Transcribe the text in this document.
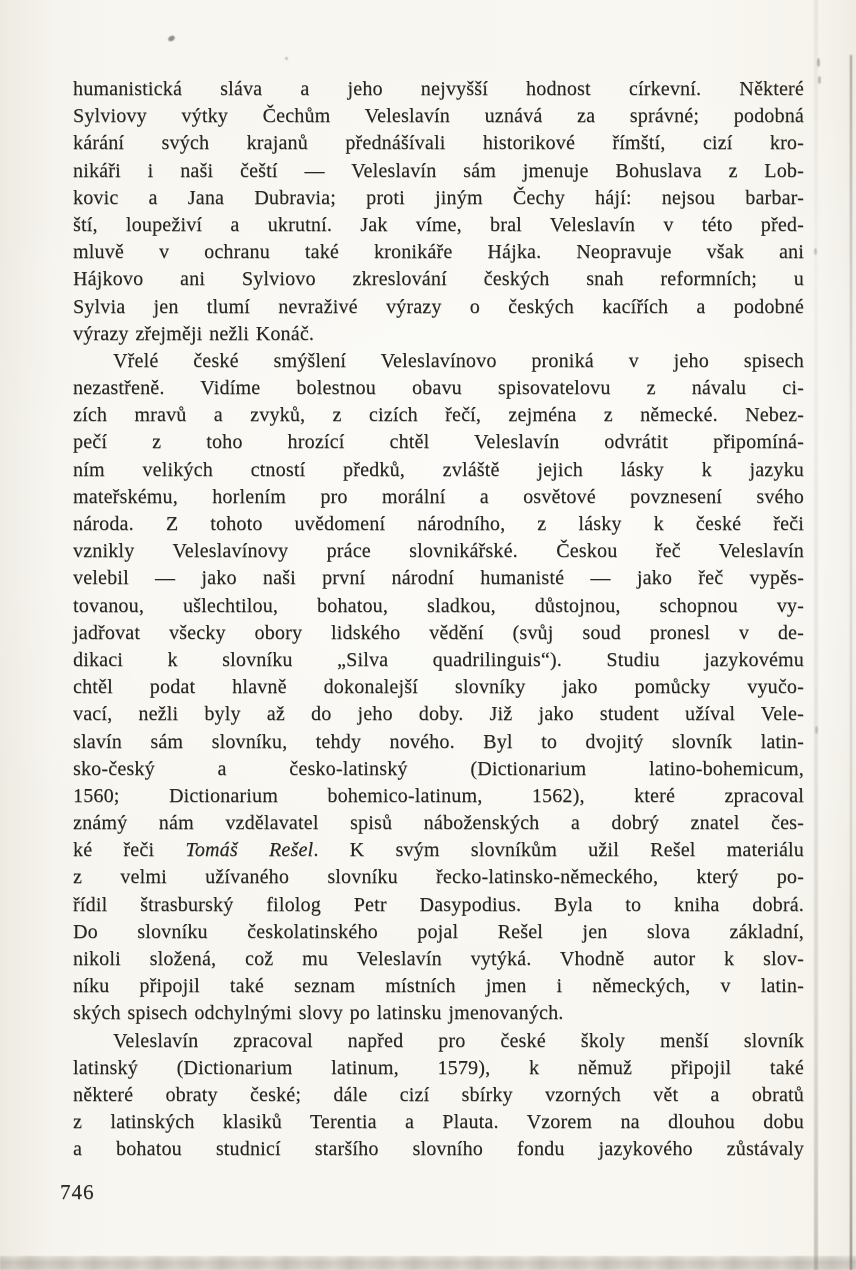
humanistická sláva a jeho nejvyšší hodnost církevní. Některé
Sylviovy výtky Čechům Veleslavín uznává za správné; podobná
kárání svých krajanů přednášívali historikové římští, cizí kro-
nikáři i naši čeští — Veleslavín sám jmenuje Bohuslava z Lob-
kovic a Jana Dubravia; proti jiným Čechy hájí: nejsou barbar-
ští, loupeživí a ukrutní. Jak víme, bral Veleslavín v této před-
mluvě v ochranu také kronikáře Hájka. Neopravuje však ani
Hájkovo ani Sylviovo zkreslování českých snah reformních; u
Sylvia jen tlumí nevraživé výrazy o českých kacířích a podobné
výrazy zřejměji nežli Konáč.
Vřelé české smýšlení Veleslavínovo proniká v jeho spisech
nezastřeně. Vidíme bolestnou obavu spisovatelovu z návalu ci-
zích mravů a zvyků, z cizích řečí, zejména z německé. Nebez-
pečí z toho hrozící chtěl Veleslavín odvrátit připomíná-
ním velikých ctností předků, zvláště jejich lásky k jazyku
mateřskému, horlením pro morální a osvětové povznesení svého
národa. Z tohoto uvědomení národního, z lásky k české řeči
vznikly Veleslavínovy práce slovnikářské. Českou řeč Veleslavín
velebil — jako naši první národní humanisté — jako řeč vypěs-
tovanou, ušlechtilou, bohatou, sladkou, důstojnou, schopnou vy-
jadřovat všecky obory lidského vědění (svůj soud pronesl v de-
dikaci k slovníku „Silva quadrilinguis“). Studiu jazykovému
chtěl podat hlavně dokonalejší slovníky jako pomůcky vyučo-
vací, nežli byly až do jeho doby. Již jako student užíval Vele-
slavín sám slovníku, tehdy nového. Byl to dvojitý slovník latin-
sko-český a česko-latinský (Dictionarium latino-bohemicum,
1560; Dictionarium bohemico-latinum, 1562), které zpracoval
známý nám vzdělavatel spisů náboženských a dobrý znatel čes-
ké řeči Tomáš Rešel. K svým slovníkům užil Rešel materiálu
z velmi užívaného slovníku řecko-latinsko-německého, který po-
řídil štrasburský filolog Petr Dasypodius. Byla to kniha dobrá.
Do slovníku českolatinského pojal Rešel jen slova základní,
nikoli složená, což mu Veleslavín vytýká. Vhodně autor k slov-
níku připojil také seznam místních jmen i německých, v latin-
ských spisech odchylnými slovy po latinsku jmenovaných.
Veleslavín zpracoval napřed pro české školy menší slovník
latinský (Dictionarium latinum, 1579), k němuž připojil také
některé obraty české; dále cizí sbírky vzorných vět a obratů
z latinských klasiků Terentia a Plauta. Vzorem na dlouhou dobu
a bohatou studnicí staršího slovního fondu jazykového zůstávaly
746
